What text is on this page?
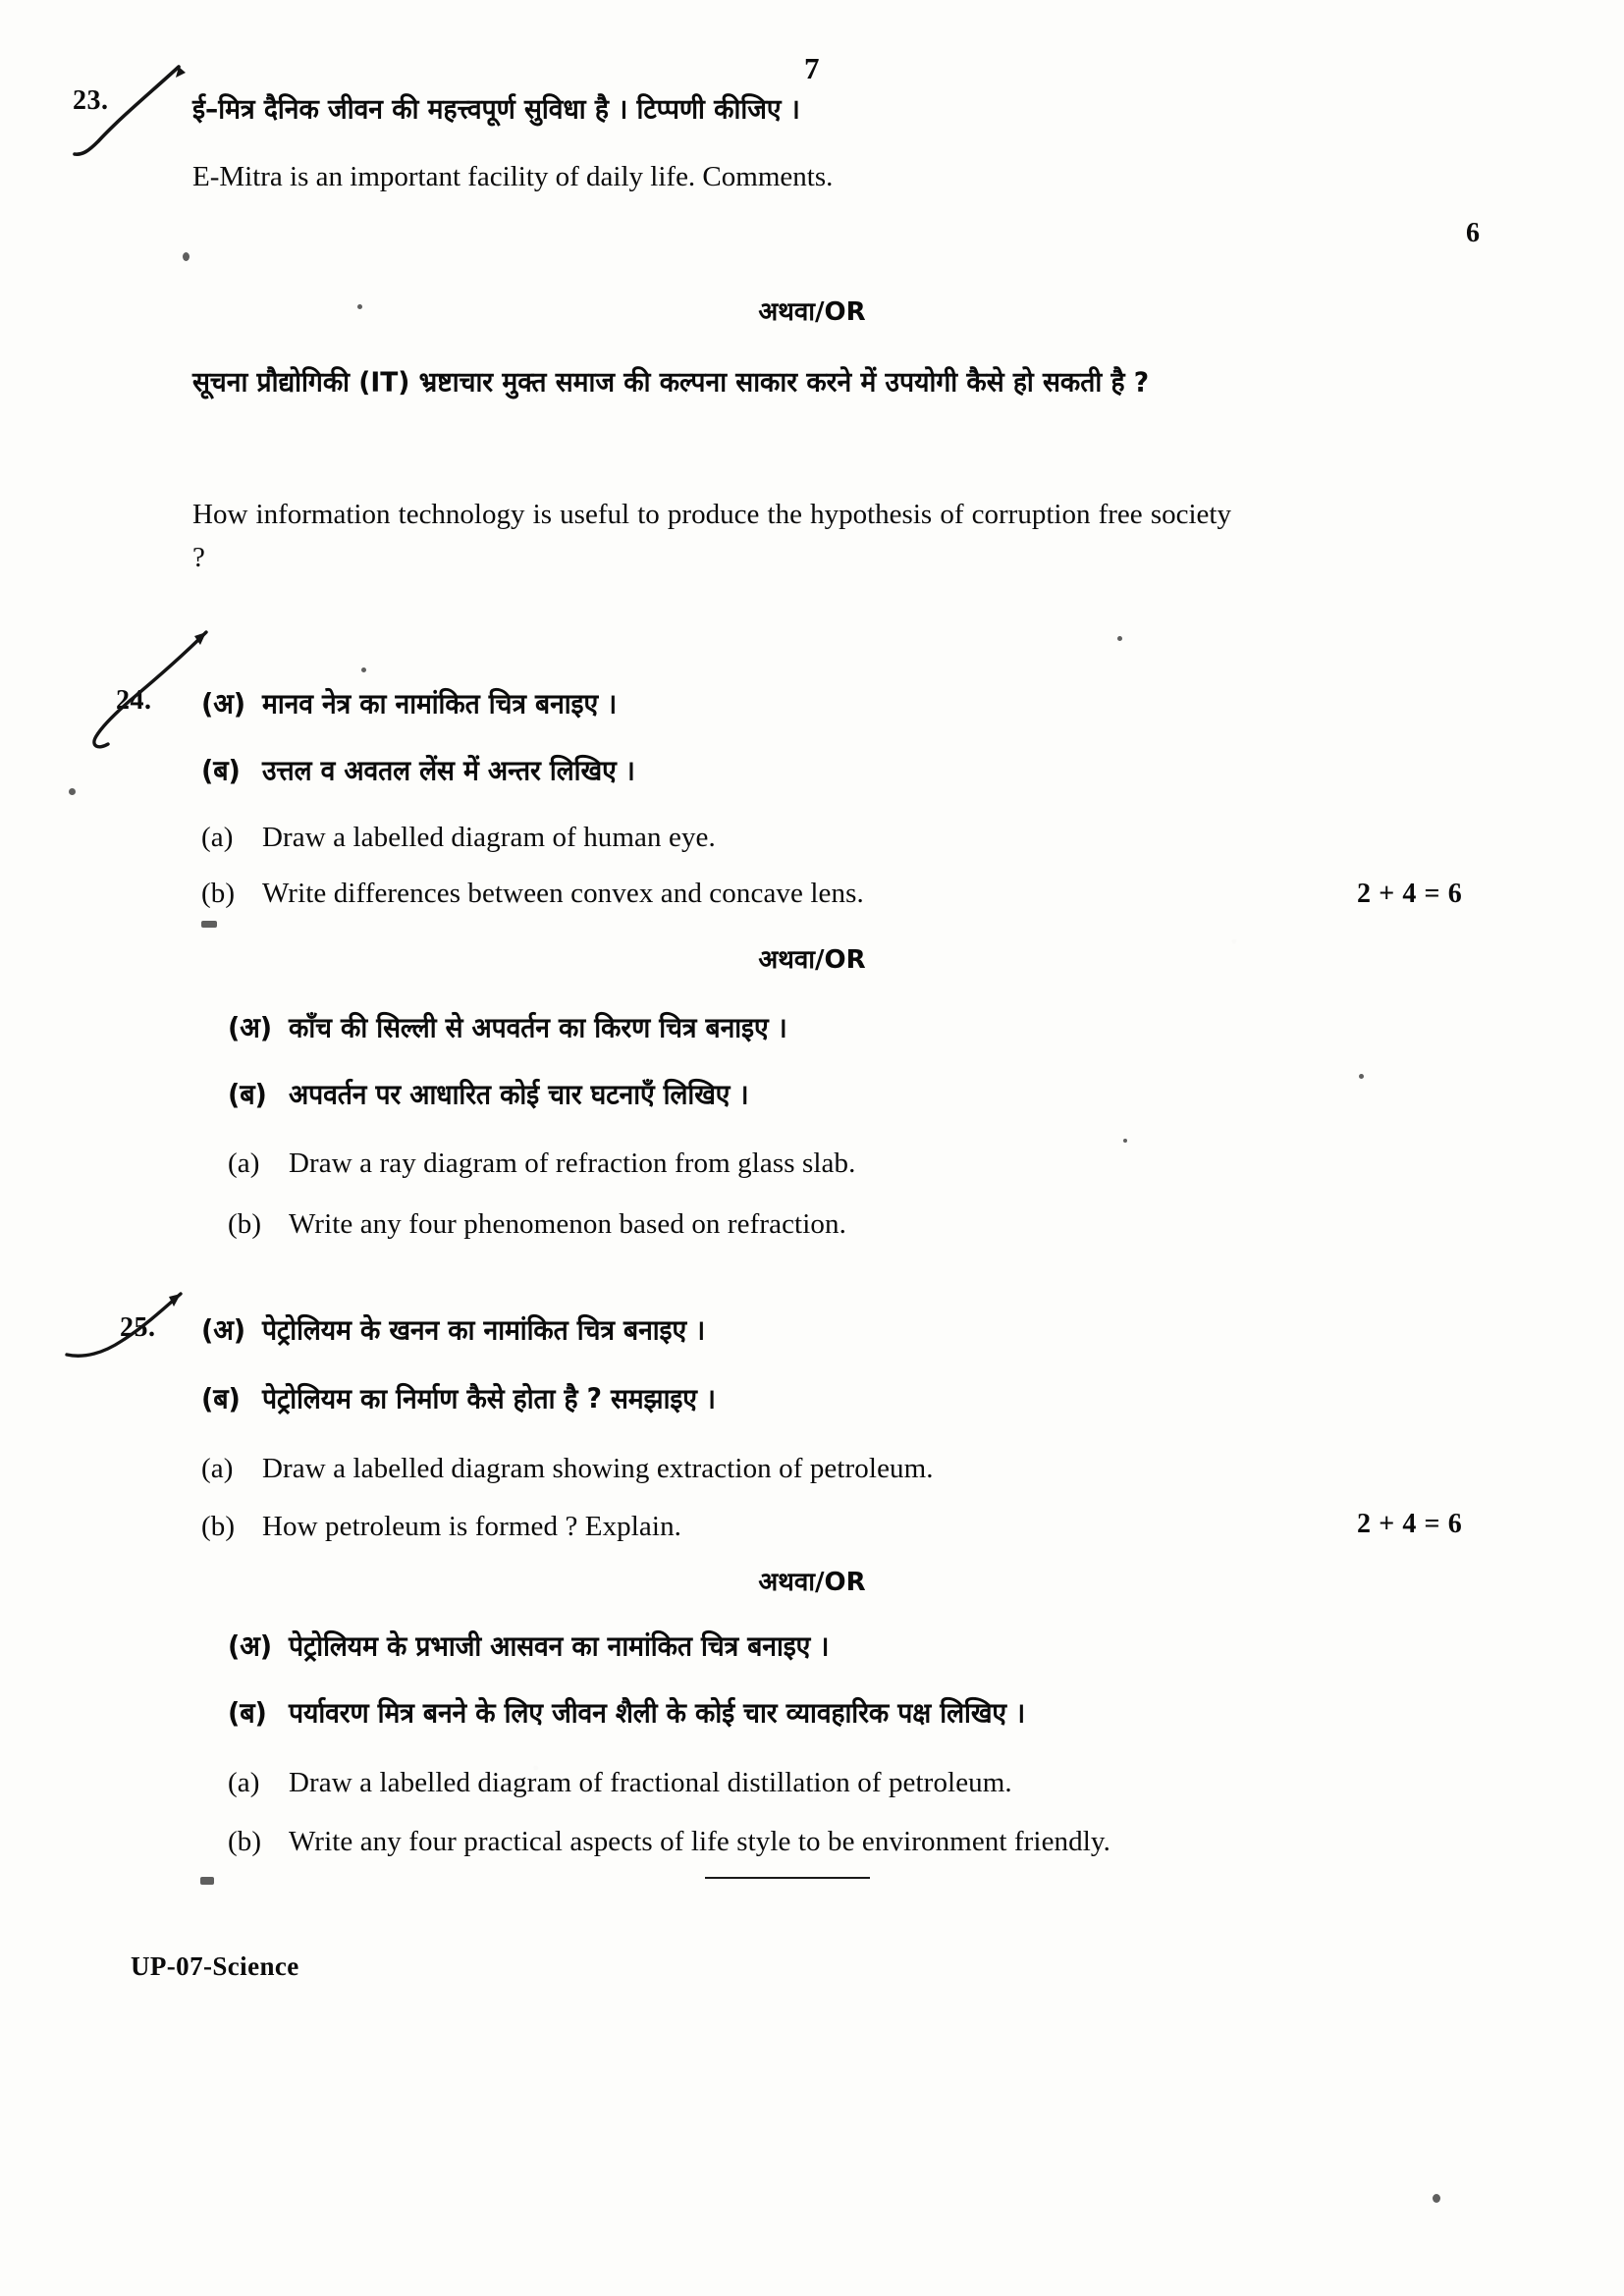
7
23.	ई–मित्र दैनिक जीवन की महत्त्वपूर्ण सुविधा है । टिप्पणी कीजिए ।
E-Mitra is an important facility of daily life. Comments.
6
अथवा/OR
सूचना प्रौद्योगिकी (IT) भ्रष्टाचार मुक्त समाज की कल्पना साकार करने में उपयोगी कैसे हो सकती है ?
How information technology is useful to produce the hypothesis of corruption free society ?
24. (अ) मानव नेत्र का नामांकित चित्र बनाइए ।
(ब) उत्तल व अवतल लेंस में अन्तर लिखिए ।
(a)	Draw a labelled diagram of human eye.
(b) Write differences between convex and concave lens.	2 + 4 = 6
अथवा/OR
(अ) काँच की सिल्ली से अपवर्तन का किरण चित्र बनाइए ।
(ब) अपवर्तन पर आधारित कोई चार घटनाएँ लिखिए ।
(a)	Draw a ray diagram of refraction from glass slab.
(b) Write any four phenomenon based on refraction.
25. (अ) पेट्रोलियम के खनन का नामांकित चित्र बनाइए ।
(ब) पेट्रोलियम का निर्माण कैसे होता है ? समझाइए ।
(a)	Draw a labelled diagram showing extraction of petroleum.
(b) How petroleum is formed ? Explain.	2 + 4 = 6
अथवा/OR
(अ) पेट्रोलियम के प्रभाजी आसवन का नामांकित चित्र बनाइए ।
(ब) पर्यावरण मित्र बनने के लिए जीवन शैली के कोई चार व्यावहारिक पक्ष लिखिए ।
(a)	Draw a labelled diagram of fractional distillation of petroleum.
(b) Write any four practical aspects of life style to be environment friendly.
UP-07-Science
